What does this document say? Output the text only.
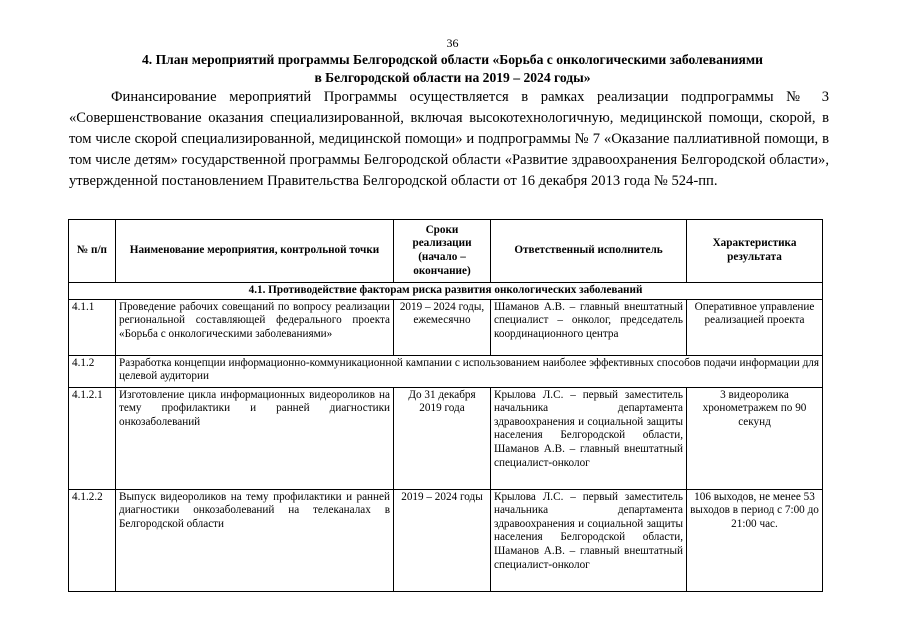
36
4. План мероприятий программы Белгородской области «Борьба с онкологическими заболеваниями
в Белгородской области на 2019 – 2024 годы»
Финансирование мероприятий Программы осуществляется в рамках реализации подпрограммы № 3 «Совершенствование оказания специализированной, включая высокотехнологичную, медицинской помощи, скорой, в том числе скорой специализированной, медицинской помощи» и подпрограммы № 7 «Оказание паллиативной помощи, в том числе детям» государственной программы Белгородской области «Развитие здравоохранения Белгородской области», утвержденной постановлением Правительства Белгородской области от 16 декабря 2013 года № 524-пп.
№ п/п	Наименование мероприятия, контрольной точки	Сроки реализации (начало – окончание)	Ответственный исполнитель	Характеристика результата
4.1. Противодействие факторам риска развития онкологических заболеваний				
4.1.1	Проведение рабочих совещаний по вопросу реализации региональной составляющей федерального проекта «Борьба с онкологическими заболеваниями»	2019 – 2024 годы, ежемесячно	Шаманов А.В. – главный внештатный специалист – онколог, председатель координационного центра	Оперативное управление реализацией проекта
4.1.2	Разработка концепции информационно-коммуникационной кампании с использованием наиболее эффективных способов подачи информации для целевой аудитории			
4.1.2.1	Изготовление цикла информационных видеороликов на тему профилактики и ранней диагностики онкозаболеваний	До 31 декабря 2019 года	Крылова Л.С. – первый заместитель начальника департамента здравоохранения и социальной защиты населения Белгородской области, Шаманов А.В. – главный внештатный специалист-онколог	3 видеоролика хронометражем по 90 секунд
4.1.2.2	Выпуск видеороликов на тему профилактики и ранней диагностики онкозаболеваний на телеканалах в Белгородской области	2019 – 2024 годы	Крылова Л.С. – первый заместитель начальника департамента здравоохранения и социальной защиты населения Белгородской области, Шаманов А.В. – главный внештатный специалист-онколог	106 выходов, не менее 53 выходов в период с 7:00 до 21:00 час.
